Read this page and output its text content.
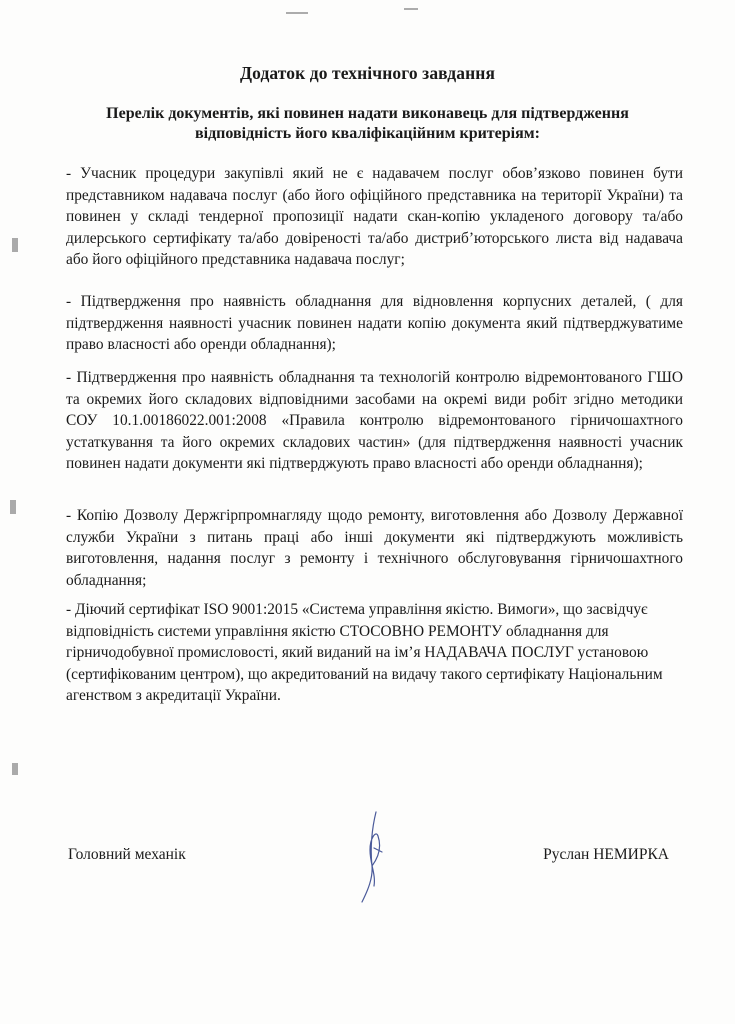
Додаток до технічного завдання
Перелік документів, які повинен надати виконавець для підтвердження відповідність його кваліфікаційним критеріям:

- Учасник процедури закупівлі який не є надавачем послуг обов’язково повинен бути представником надавача послуг (або його офіційного представника на території України) та повинен у складі тендерної пропозиції надати скан-копію укладеного договору та/або дилерського сертифікату та/або довіреності та/або дистриб’юторського листа від надавача або його офіційного представника надавача послуг;

- Підтвердження про наявність обладнання для відновлення корпусних деталей, ( для підтвердження наявності учасник повинен надати копію документа який підтверджуватиме право власності або оренди обладнання);

- Підтвердження про наявність обладнання та технологій контролю відремонтованого ГШО та окремих його складових відповідними засобами на окремі види робіт згідно методики СОУ 10.1.00186022.001:2008 «Правила контролю відремонтованого гірничошахтного устаткування та його окремих складових частин» (для підтвердження наявності учасник повинен надати документи які підтверджують право власності або оренди обладнання);

- Копію Дозволу Держгірпромнагляду щодо ремонту, виготовлення або Дозволу Державної служби України з питань праці або інші документи які підтверджують можливість виготовлення, надання послуг з ремонту і технічного обслуговування гірничошахтного обладнання;

- Діючий сертифікат ISO 9001:2015 «Система управління якістю. Вимоги», що засвідчує відповідність системи управління якістю СТОСОВНО РЕМОНТУ обладнання для гірничодобувної промисловості, який виданий на ім’я НАДАВАЧА ПОСЛУГ установою (сертифікованим центром), що акредитований на видачу такого сертифікату Національним агенством з акредитації України.

Головний механік	Руслан НЕМИРКА
